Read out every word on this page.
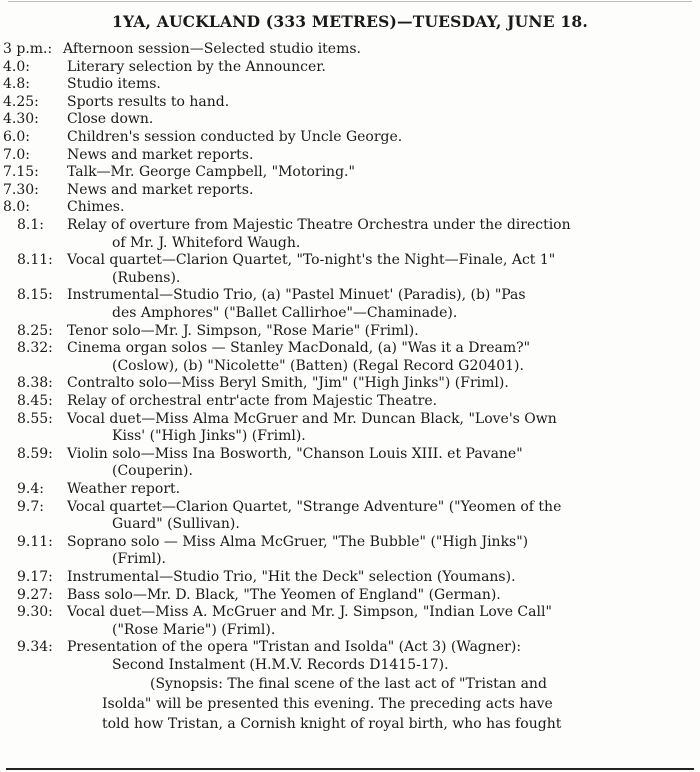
1YA, AUCKLAND (333 METRES)—TUESDAY, JUNE 18.
3 p.m.: Afternoon session—Selected studio items.
4.0:	Literary selection by the Announcer.
4.8:	Studio items.
4.25: Sports results to hand.
4.30: Close down.
6.0:	Children's session conducted by Uncle George.
7.0:	News and market reports.
7.15: Talk—Mr. George Campbell, "Motoring."
7.30: News and market reports.
8.0:	Chimes.
8.1: Relay of overture from Majestic Theatre Orchestra under the direction
of Mr. J. Whiteford Waugh.
8.11: Vocal quartet—Clarion Quartet, "To-night's the Night—Finale, Act 1"
(Rubens).
8.15: Instrumental—Studio Trio, (a) "Pastel Minuet' (Paradis), (b) "Pas
des Amphores" ("Ballet Callirhoe"—Chaminade).
8.25: Tenor solo—Mr. J. Simpson, "Rose Marie" (Friml).
8.32: Cinema organ solos — Stanley MacDonald, (a) "Was it a Dream?"
(Coslow), (b) "Nicolette" (Batten) (Regal Record G20401).
8.38: Contralto solo—Miss Beryl Smith, "Jim" ("High Jinks") (Friml).
8.45: Relay of orchestral entr'acte from Majestic Theatre.
8.55: Vocal duet—Miss Alma McGruer and Mr. Duncan Black, "Love's Own
Kiss' ("High Jinks") (Friml).
8.59: Violin solo—Miss Ina Bosworth, "Chanson Louis XIII. et Pavane"
(Couperin).
9.4: Weather report.
9.7: Vocal quartet—Clarion Quartet, "Strange Adventure" ("Yeomen of the
Guard" (Sullivan).
9.11: Soprano solo — Miss Alma McGruer, "The Bubble" ("High Jinks")
(Friml).
9.17: Instrumental—Studio Trio, "Hit the Deck" selection (Youmans).
9.27: Bass solo—Mr. D. Black, "The Yeomen of England" (German).
9.30: Vocal duet—Miss A. McGruer and Mr. J. Simpson, "Indian Love Call"
("Rose Marie") (Friml).
9.34: Presentation of the opera "Tristan and Isolda" (Act 3) (Wagner):
Second Instalment (H.M.V. Records D1415-17).
(Synopsis: The final scene of the last act of "Tristan and
Isolda" will be presented this evening. The preceding acts have
told how Tristan, a Cornish knight of royal birth, who has fought
